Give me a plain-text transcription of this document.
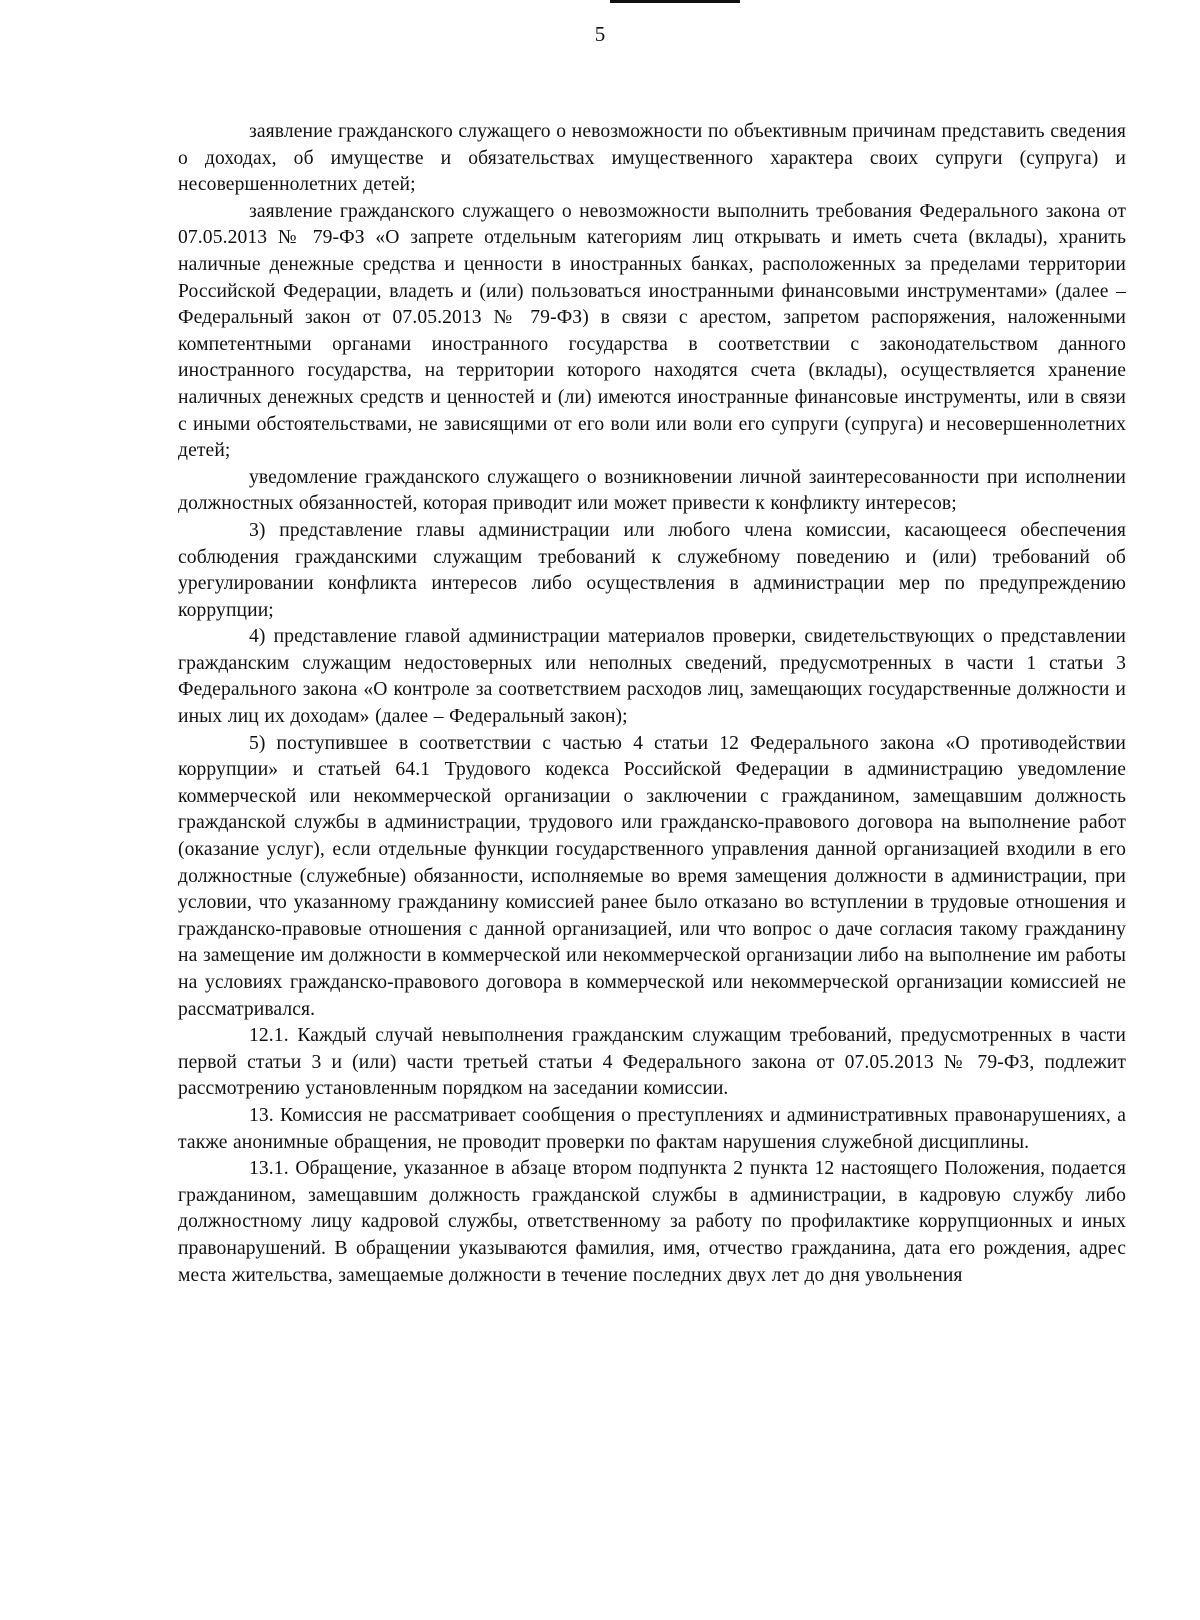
5

заявление гражданского служащего о невозможности по объективным причинам представить сведения о доходах, об имуществе и обязательствах имущественного характера своих супруги (супруга) и несовершеннолетних детей;

заявление гражданского служащего о невозможности выполнить требования Федерального закона от 07.05.2013 № 79-ФЗ «О запрете отдельным категориям лиц открывать и иметь счета (вклады), хранить наличные денежные средства и ценности в иностранных банках, расположенных за пределами территории Российской Федерации, владеть и (или) пользоваться иностранными финансовыми инструментами» (далее – Федеральный закон от 07.05.2013 № 79-ФЗ) в связи с арестом, запретом распоряжения, наложенными компетентными органами иностранного государства в соответствии с законодательством данного иностранного государства, на территории которого находятся счета (вклады), осуществляется хранение наличных денежных средств и ценностей и (ли) имеются иностранные финансовые инструменты, или в связи с иными обстоятельствами, не зависящими от его воли или воли его супруги (супруга) и несовершеннолетних детей;

уведомление гражданского служащего о возникновении личной заинтересованности при исполнении должностных обязанностей, которая приводит или может привести к конфликту интересов;

3) представление главы администрации или любого члена комиссии, касающееся обеспечения соблюдения гражданскими служащим требований к служебному поведению и (или) требований об урегулировании конфликта интересов либо осуществления в администрации мер по предупреждению коррупции;

4) представление главой администрации материалов проверки, свидетельствующих о представлении гражданским служащим недостоверных или неполных сведений, предусмотренных в части 1 статьи 3 Федерального закона «О контроле за соответствием расходов лиц, замещающих государственные должности и иных лиц их доходам» (далее – Федеральный закон);

5) поступившее в соответствии с частью 4 статьи 12 Федерального закона «О противодействии коррупции» и статьей 64.1 Трудового кодекса Российской Федерации в администрацию уведомление коммерческой или некоммерческой организации о заключении с гражданином, замещавшим должность гражданской службы в администрации, трудового или гражданско-правового договора на выполнение работ (оказание услуг), если отдельные функции государственного управления данной организацией входили в его должностные (служебные) обязанности, исполняемые во время замещения должности в администрации, при условии, что указанному гражданину комиссией ранее было отказано во вступлении в трудовые отношения и гражданско-правовые отношения с данной организацией, или что вопрос о даче согласия такому гражданину на замещение им должности в коммерческой или некоммерческой организации либо на выполнение им работы на условиях гражданско-правового договора в коммерческой или некоммерческой организации комиссией не рассматривался.

12.1. Каждый случай невыполнения гражданским служащим требований, предусмотренных в части первой статьи 3 и (или) части третьей статьи 4 Федерального закона от 07.05.2013 № 79-ФЗ, подлежит рассмотрению установленным порядком на заседании комиссии.

13. Комиссия не рассматривает сообщения о преступлениях и административных правонарушениях, а также анонимные обращения, не проводит проверки по фактам нарушения служебной дисциплины.

13.1. Обращение, указанное в абзаце втором подпункта 2 пункта 12 настоящего Положения, подается гражданином, замещавшим должность гражданской службы в администрации, в кадровую службу либо должностному лицу кадровой службы, ответственному за работу по профилактике коррупционных и иных правонарушений. В обращении указываются фамилия, имя, отчество гражданина, дата его рождения, адрес места жительства, замещаемые должности в течение последних двух лет до дня увольнения
